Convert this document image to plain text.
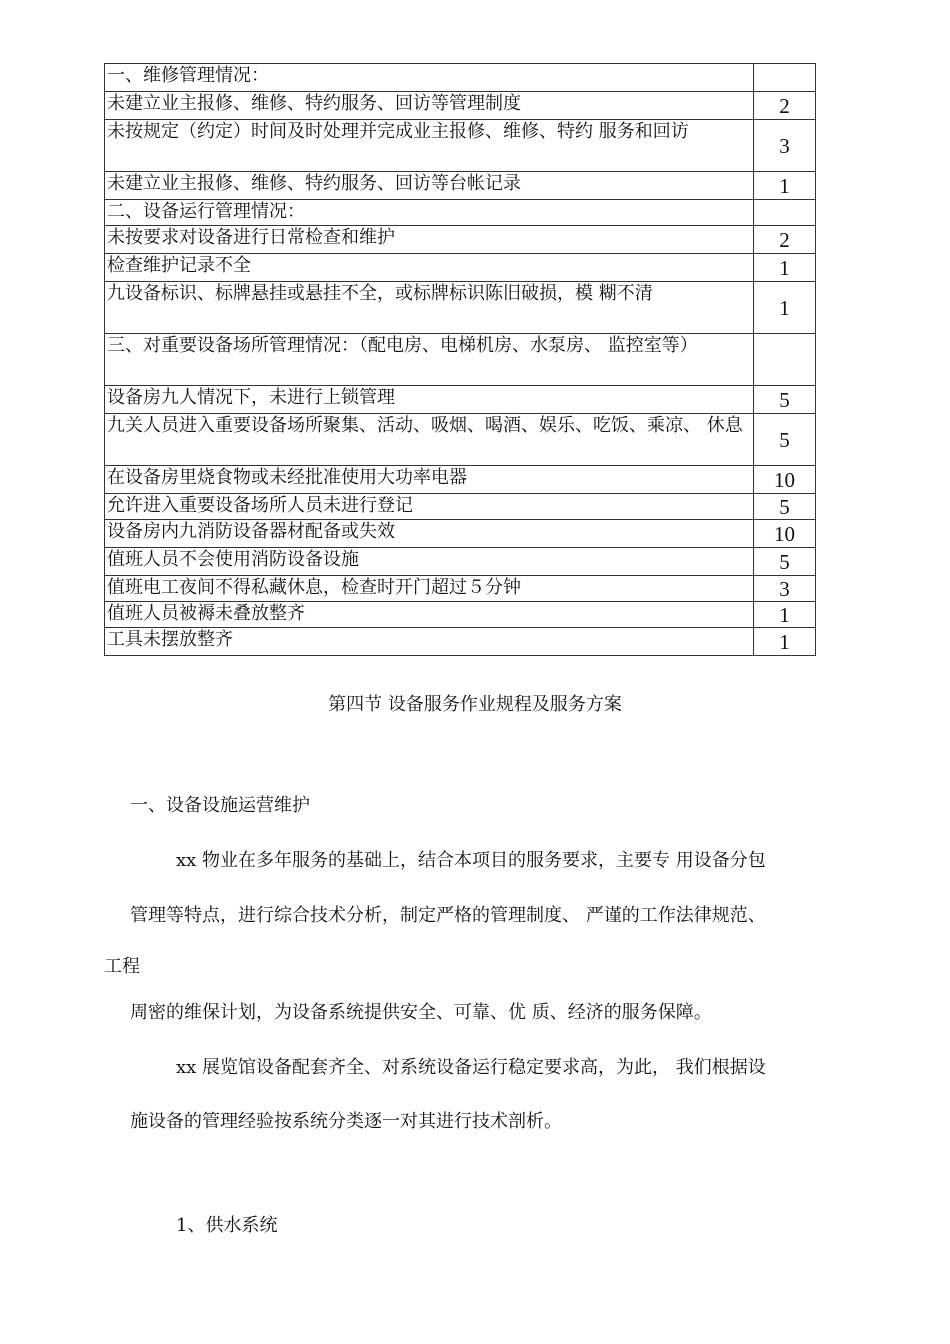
一、维修管理情况：	
未建立业主报修、维修、特约服务、回访等管理制度	2
未按规定（约定）时间及时处理并完成业主报修、维修、特约 服务和回访	3
未建立业主报修、维修、特约服务、回访等台帐记录	1
二、设备运行管理情况：	
未按要求对设备进行日常检查和维护	2
检查维护记录不全	1
九设备标识、标牌悬挂或悬挂不全，或标牌标识陈旧破损，模 糊不清	1
三、对重要设备场所管理情况：（配电房、电梯机房、水泵房、 监控室等）	
设备房九人情况下，未进行上锁管理	5
九关人员进入重要设备场所聚集、活动、吸烟、喝酒、娱乐、吃饭、乘凉、 休息	5
在设备房里烧食物或未经批准使用大功率电器	10
允许进入重要设备场所人员未进行登记	5
设备房内九消防设备器材配备或失效	10
值班人员不会使用消防设备设施	5
值班电工夜间不得私藏休息，检查时开门超过５分钟	3
值班人员被褥未叠放整齐	1
工具未摆放整齐	1
第四节 设备服务作业规程及服务方案
一、设备设施运营维护
xx 物业在多年服务的基础上，结合本项目的服务要求，主要专 用设备分包
管理等特点，进行综合技术分析，制定严格的管理制度、 严谨的工作法律规范、
工程
周密的维保计划，为设备系统提供安全、可靠、优 质、经济的服务保障。
xx 展览馆设备配套齐全、对系统设备运行稳定要求高，为此， 我们根据设
施设备的管理经验按系统分类逐一对其进行技术剖析。
1、供水系统
